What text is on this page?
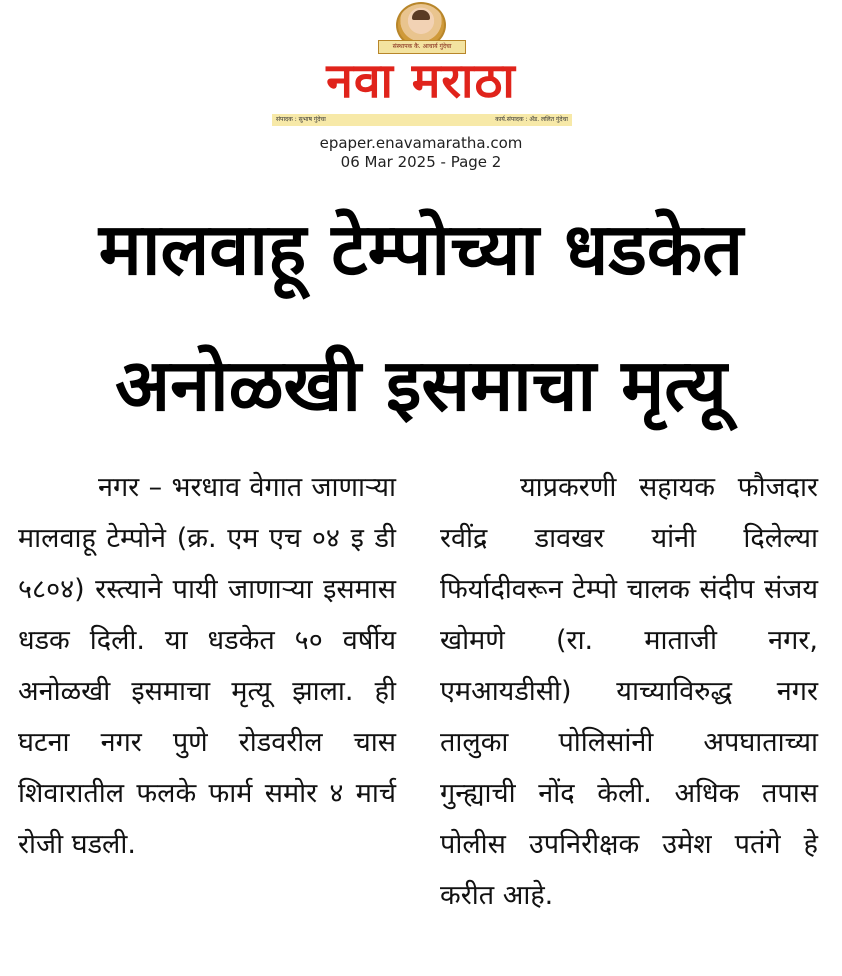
संस्थापक कै. आचार्य गुंदेचा
नवा मराठा
संपादक : सुभाष गुंदेचा	कार्य.संपादक : ॲड. ललित गुंदेचा
epaper.enavamaratha.com
06 Mar 2025 - Page 2
मालवाहू टेम्पोच्या धडकेत
अनोळखी इसमाचा मृत्यू

नगर – भरधाव वेगात जाणाऱ्या मालवाहू टेम्पोने (क्र. एम एच ०४ इ डी ५८०४) रस्त्याने पायी जाणाऱ्या इसमास धडक दिली. या धडकेत ५० वर्षीय अनोळखी इसमाचा मृत्यू झाला. ही घटना नगर पुणे रोडवरील चास शिवारातील फलके फार्म समोर ४ मार्च रोजी घडली.

याप्रकरणी सहायक फौजदार रवींद्र डावखर यांनी दिलेल्या फिर्यादीवरून टेम्पो चालक संदीप संजय खोमणे (रा. माताजी नगर, एमआयडीसी) याच्याविरुद्ध नगर तालुका पोलिसांनी अपघाताच्या गुन्ह्याची नोंद केली. अधिक तपास पोलीस उपनिरीक्षक उमेश पतंगे हे करीत आहे.
